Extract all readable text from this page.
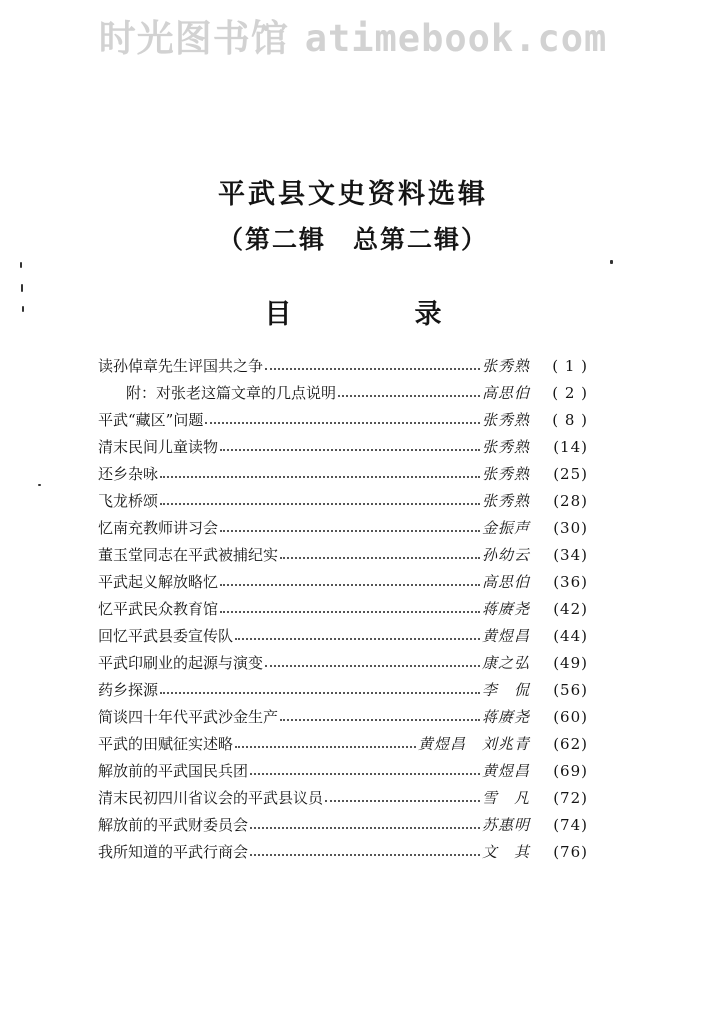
时光图书馆 atimebook.com
平武县文史资料选辑
（第二辑　总第二辑）
目　录
读孙倬章先生评国共之争	张秀熟	( 1 )
附：对张老这篇文章的几点说明	高思伯	( 2 )
平武“藏区”问题	张秀熟	( 8 )
清末民间儿童读物	张秀熟	(14)
还乡杂咏	张秀熟	(25)
飞龙桥颂	张秀熟	(28)
忆南充教师讲习会	金振声	(30)
董玉堂同志在平武被捕纪实	孙幼云	(34)
平武起义解放略忆	高思伯	(36)
忆平武民众教育馆	蒋赓尧	(42)
回忆平武县委宣传队	黄煜昌	(44)
平武印刷业的起源与演变	康之弘	(49)
药乡探源	李　侃	(56)
简谈四十年代平武沙金生产	蒋赓尧	(60)
平武的田赋征实述略	黄煜昌　刘兆青	(62)
解放前的平武国民兵团	黄煜昌	(69)
清末民初四川省议会的平武县议员	雪　凡	(72)
解放前的平武财委员会	苏惠明	(74)
我所知道的平武行商会	文　其	(76)
